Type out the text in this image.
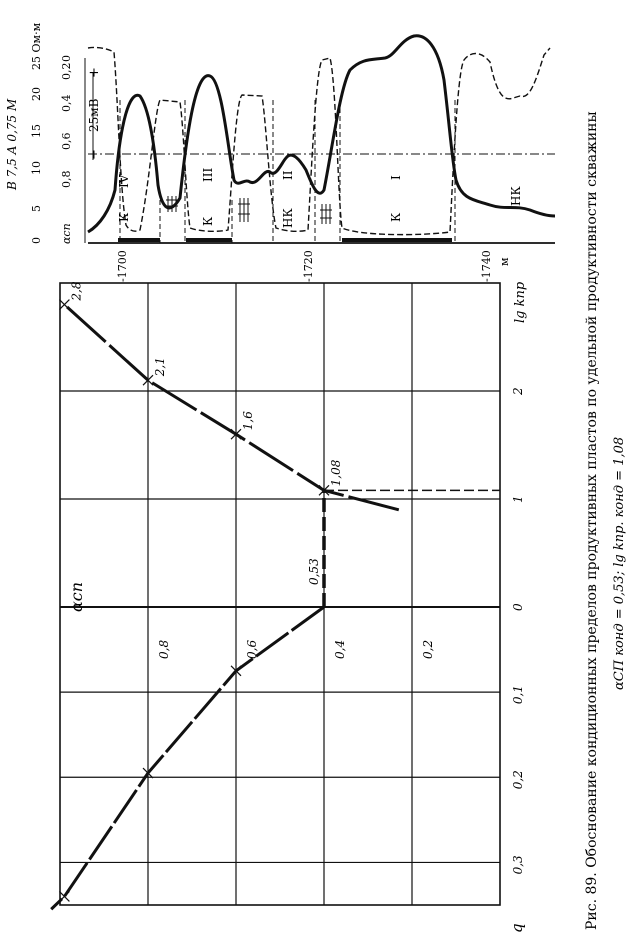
Рис. 89. Обоснование кондиционных пределов продуктивных пластов по удельной продуктивности скважины αСП конд = 0,53; lg kпр. конд = 1,08
В 7,5 А 0,75 М
0
5
10
15
20
25 Ом·м
αсп
0,8
0,6
0,4
0,2
0
+
25мВ
−
IV
К
III
К
II
НК
I
К
НК
-1700	-1720	-1740 м
1,08
1,6
2,1
2,8
0,53
0,2
0,4
0,6
0,8
αсп	0
1
2
lg kпр
0,3
0,2
0,1
q
